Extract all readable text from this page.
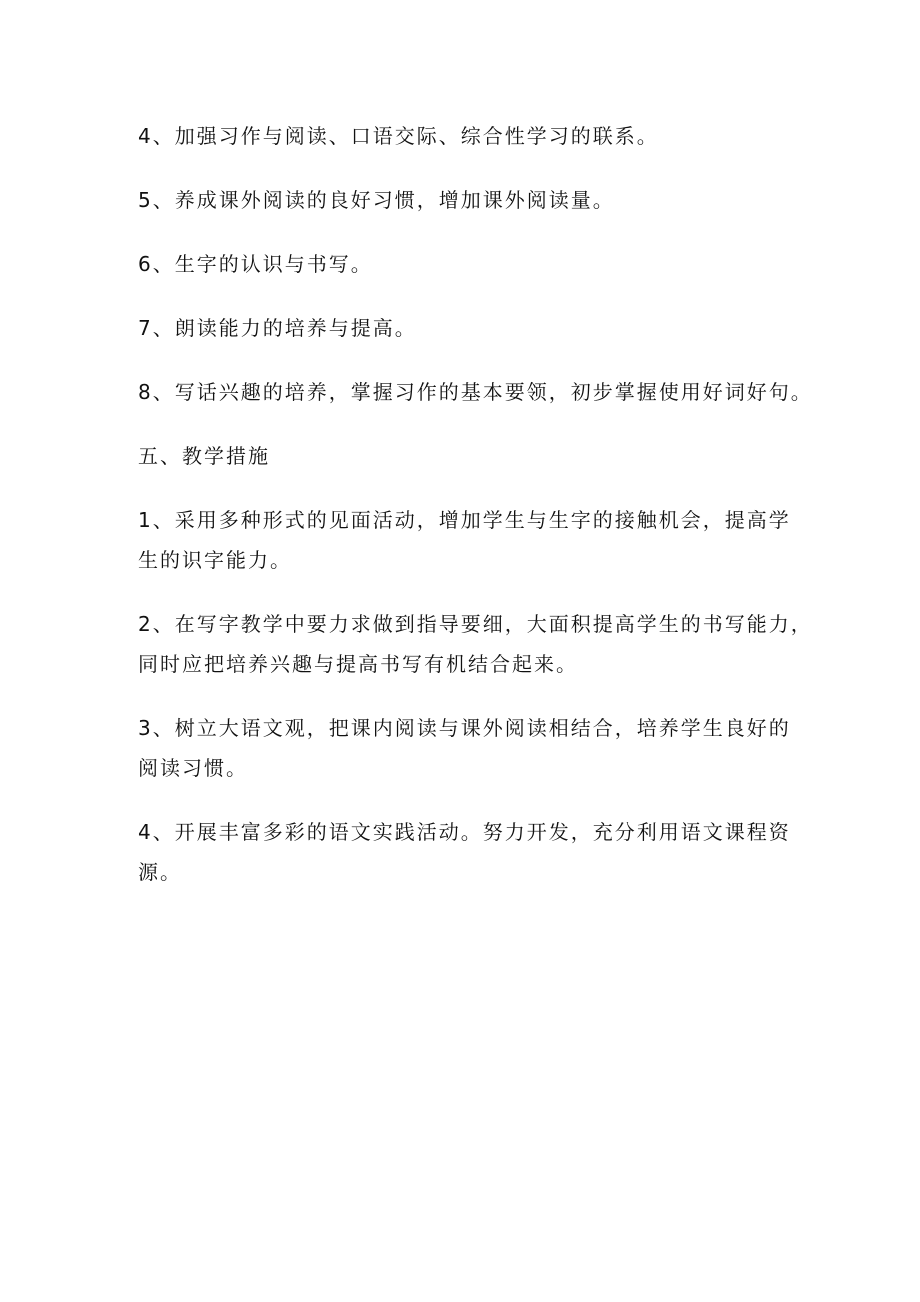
4、加强习作与阅读、口语交际、综合性学习的联系。

5、养成课外阅读的良好习惯，增加课外阅读量。

6、生字的认识与书写。

7、朗读能力的培养与提高。

8、写话兴趣的培养，掌握习作的基本要领，初步掌握使用好词好句。

五、教学措施

1、采用多种形式的见面活动，增加学生与生字的接触机会，提高学
生的识字能力。

2、在写字教学中要力求做到指导要细，大面积提高学生的书写能力，
同时应把培养兴趣与提高书写有机结合起来。

3、树立大语文观，把课内阅读与课外阅读相结合，培养学生良好的
阅读习惯。

4、开展丰富多彩的语文实践活动。努力开发，充分利用语文课程资
源。
